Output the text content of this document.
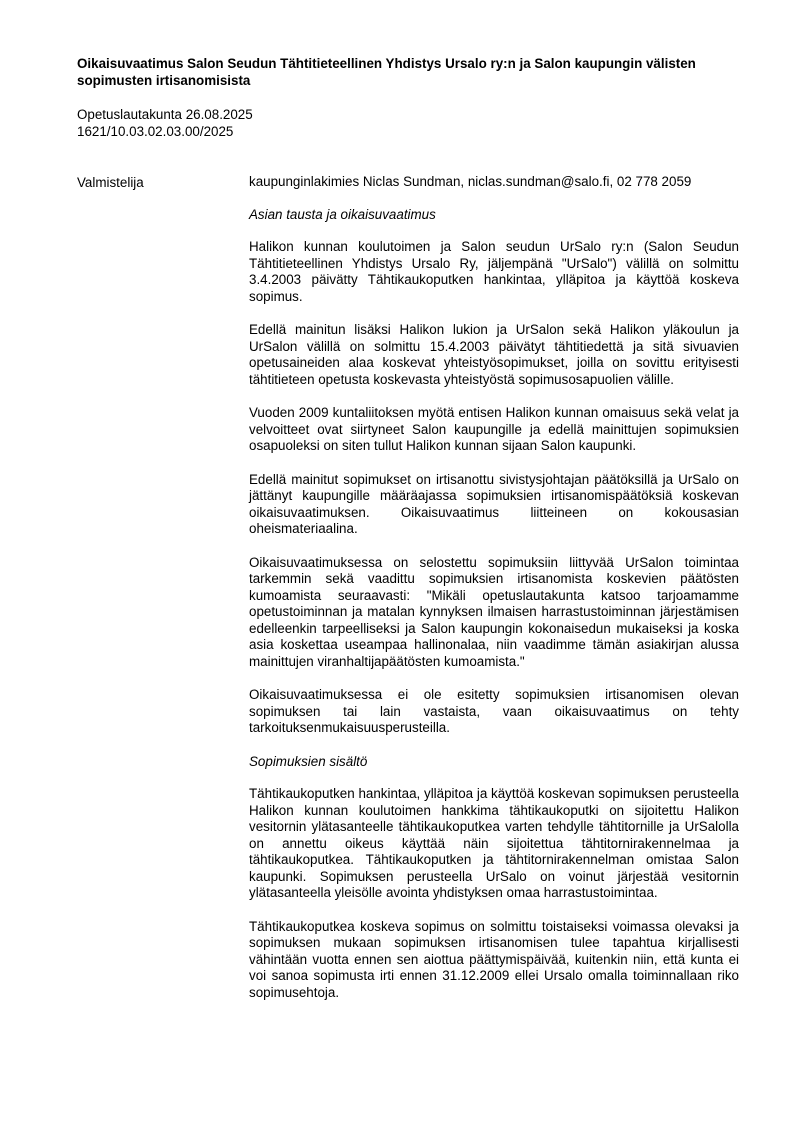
Oikaisuvaatimus Salon Seudun Tähtitieteellinen Yhdistys Ursalo ry:n ja Salon kaupungin välisten sopimusten irtisanomisista
Opetuslautakunta 26.08.2025
1621/10.03.02.03.00/2025
Valmistelija	kaupunginlakimies Niclas Sundman, niclas.sundman@salo.fi, 02 778 2059

Asian tausta ja oikaisuvaatimus

Halikon kunnan koulutoimen ja Salon seudun UrSalo ry:n (Salon Seudun Tähtitieteellinen Yhdistys Ursalo Ry, jäljempänä "UrSalo") välillä on solmittu 3.4.2003 päivätty Tähtikaukoputken hankintaa, ylläpitoa ja käyttöä koskeva sopimus.

Edellä mainitun lisäksi Halikon lukion ja UrSalon sekä Halikon yläkoulun ja UrSalon välillä on solmittu 15.4.2003 päivätyt tähtitiedettä ja sitä sivuavien opetusaineiden alaa koskevat yhteistyösopimukset, joilla on sovittu erityisesti tähtitieteen opetusta koskevasta yhteistyöstä sopimusosapuolien välille.

Vuoden 2009 kuntaliitoksen myötä entisen Halikon kunnan omaisuus sekä velat ja velvoitteet ovat siirtyneet Salon kaupungille ja edellä mainittujen sopimuksien osapuoleksi on siten tullut Halikon kunnan sijaan Salon kaupunki.

Edellä mainitut sopimukset on irtisanottu sivistysjohtajan päätöksillä ja UrSalo on jättänyt kaupungille määräajassa sopimuksien irtisanomispäätöksiä koskevan oikaisuvaatimuksen. Oikaisuvaatimus liitteineen on kokousasian oheismateriaalina.

Oikaisuvaatimuksessa on selostettu sopimuksiin liittyvää UrSalon toimintaa tarkemmin sekä vaadittu sopimuksien irtisanomista koskevien päätösten kumoamista seuraavasti: "Mikäli opetuslautakunta katsoo tarjoamamme opetustoiminnan ja matalan kynnyksen ilmaisen harrastustoiminnan järjestämisen edelleenkin tarpeelliseksi ja Salon kaupungin kokonaisedun mukaiseksi ja koska asia koskettaa useampaa hallinonalaa, niin vaadimme tämän asiakirjan alussa mainittujen viranhaltijapäätösten kumoamista."

Oikaisuvaatimuksessa ei ole esitetty sopimuksien irtisanomisen olevan sopimuksen tai lain vastaista, vaan oikaisuvaatimus on tehty tarkoituksenmukaisuusperusteilla.

Sopimuksien sisältö

Tähtikaukoputken hankintaa, ylläpitoa ja käyttöä koskevan sopimuksen perusteella Halikon kunnan koulutoimen hankkima tähtikaukoputki on sijoitettu Halikon vesitornin ylätasanteelle tähtikaukoputkea varten tehdylle tähtitornille ja UrSalolla on annettu oikeus käyttää näin sijoitettua tähtitornirakennelmaa ja tähtikaukoputkea. Tähtikaukoputken ja tähtitornirakennelman omistaa Salon kaupunki. Sopimuksen perusteella UrSalo on voinut järjestää vesitornin ylätasanteella yleisölle avointa yhdistyksen omaa harrastustoimintaa.

Tähtikaukoputkea koskeva sopimus on solmittu toistaiseksi voimassa olevaksi ja sopimuksen mukaan sopimuksen irtisanomisen tulee tapahtua kirjallisesti vähintään vuotta ennen sen aiottua päättymispäivää, kuitenkin niin, että kunta ei voi sanoa sopimusta irti ennen 31.12.2009 ellei Ursalo omalla toiminnallaan riko sopimusehtoja.
